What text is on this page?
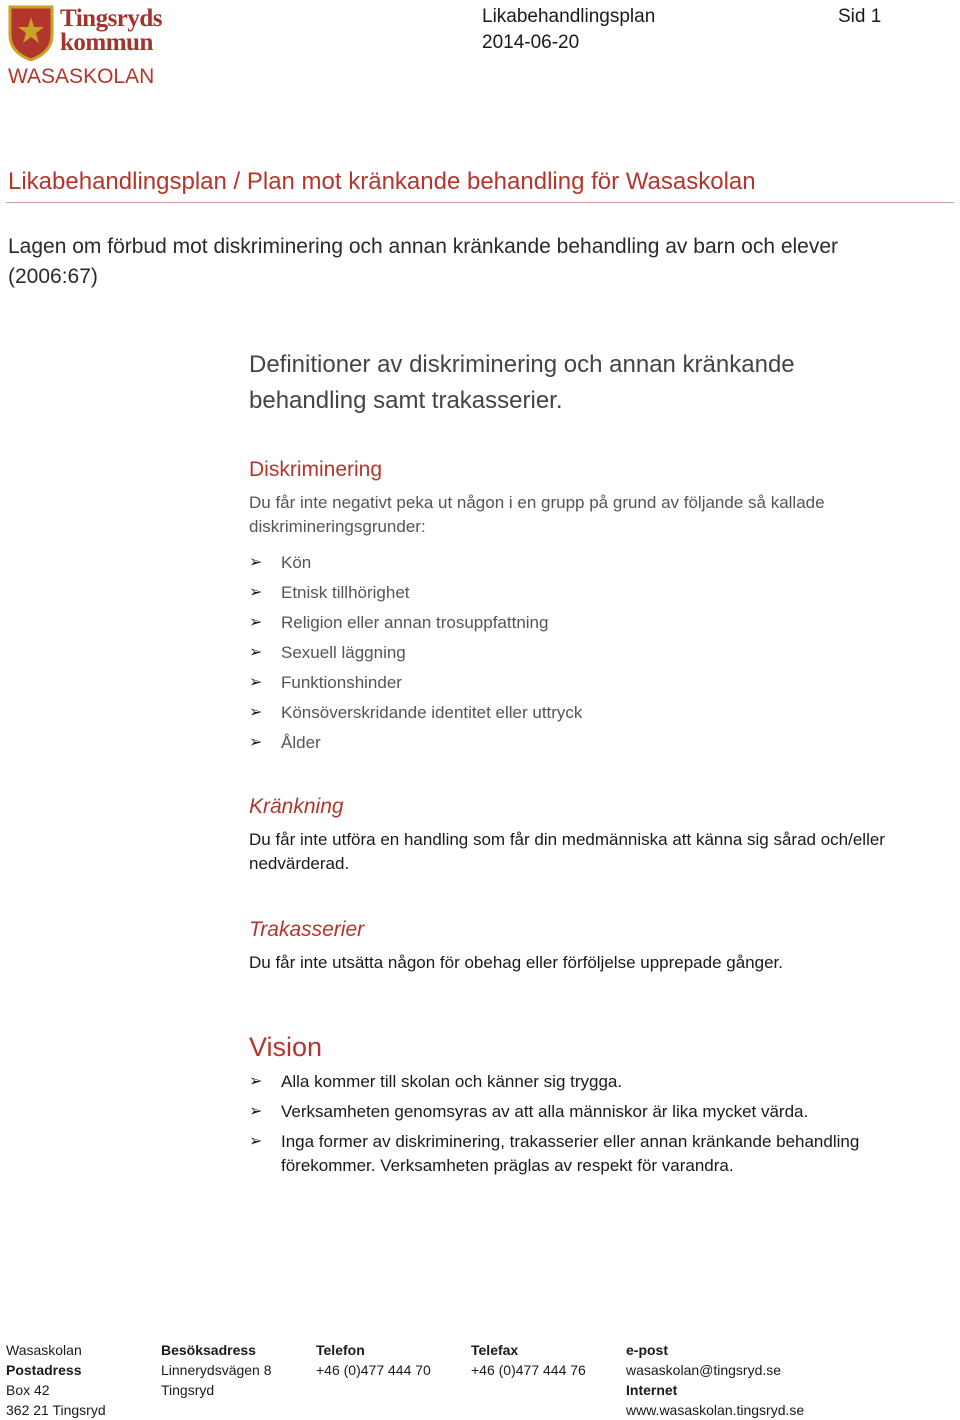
Tingsryds
kommun
WASASKOLAN
Likabehandlingsplan
2014-06-20
Sid 1
Likabehandlingsplan / Plan mot kränkande behandling för Wasaskolan
Lagen om förbud mot diskriminering och annan kränkande behandling av barn och elever (2006:67)
Definitioner av diskriminering och annan kränkande behandling samt trakasserier.
Diskriminering
Du får inte negativt peka ut någon i en grupp på grund av följande så kallade diskrimineringsgrunder:
➢ Kön
➢ Etnisk tillhörighet
➢ Religion eller annan trosuppfattning
➢ Sexuell läggning
➢ Funktionshinder
➢ Könsöverskridande identitet eller uttryck
➢ Ålder
Kränkning
Du får inte utföra en handling som får din medmänniska att känna sig sårad och/eller nedvärderad.
Trakasserier
Du får inte utsätta någon för obehag eller förföljelse upprepade gånger.
Vision
➢ Alla kommer till skolan och känner sig trygga.
➢ Verksamheten genomsyras av att alla människor är lika mycket värda.
➢ Inga former av diskriminering, trakasserier eller annan kränkande behandling förekommer. Verksamheten präglas av respekt för varandra.
Wasaskolan
Postadress
Box 42
362 21 Tingsryd
Besöksadress
Linnerydsvägen 8
Tingsryd
Telefon
+46 (0)477 444 70
Telefax
+46 (0)477 444 76
e-post
wasaskolan@tingsryd.se
Internet
www.wasaskolan.tingsryd.se
